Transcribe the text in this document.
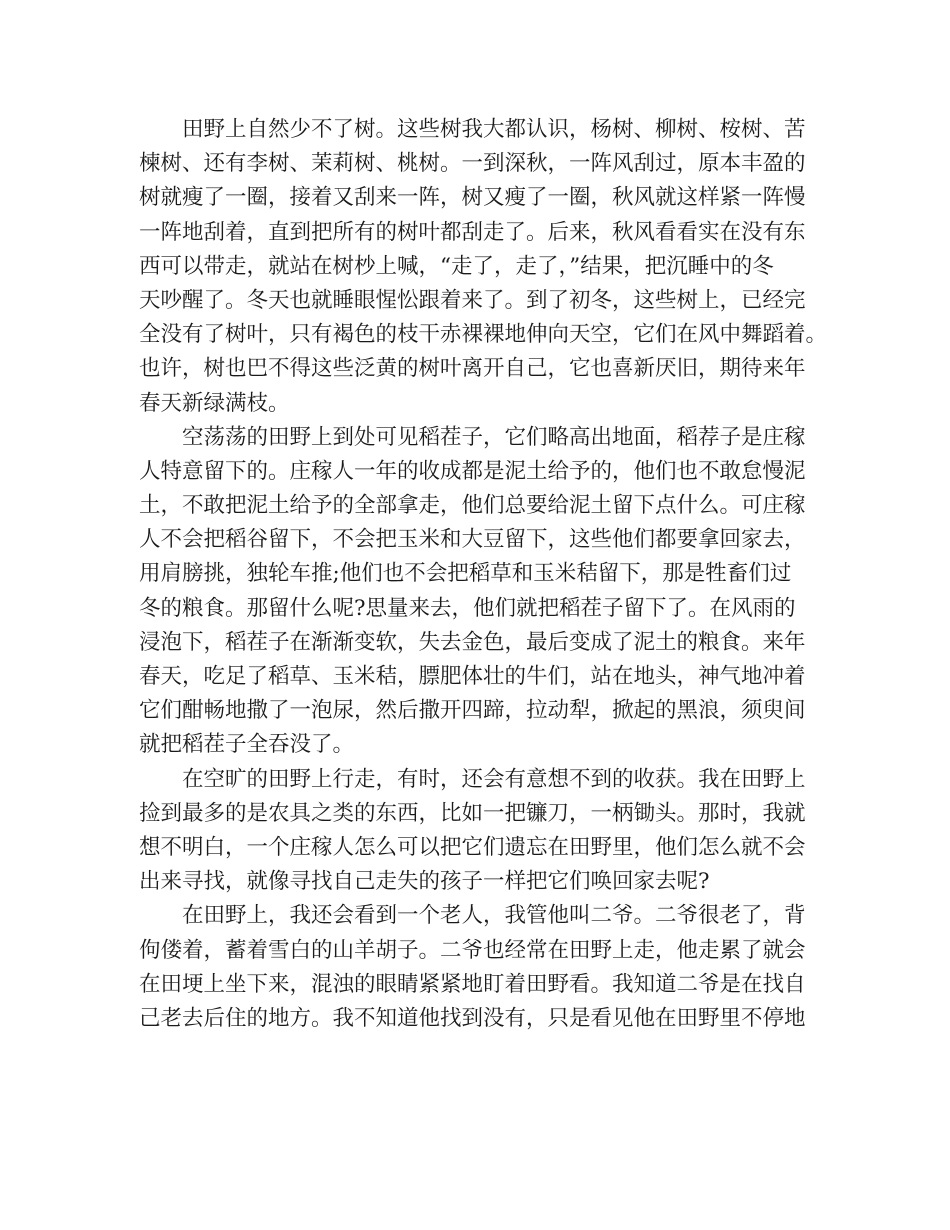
田野上自然少不了树。这些树我大都认识，杨树、柳树、桉树、苦
楝树、还有李树、茉莉树、桃树。一到深秋，一阵风刮过，原本丰盈的
树就瘦了一圈，接着又刮来一阵，树又瘦了一圈，秋风就这样紧一阵慢
一阵地刮着，直到把所有的树叶都刮走了。后来，秋风看看实在没有东
西可以带走，就站在树杪上喊，“走了，走了，”结果，把沉睡中的冬
天吵醒了。冬天也就睡眼惺忪跟着来了。到了初冬，这些树上，已经完
全没有了树叶，只有褐色的枝干赤裸裸地伸向天空，它们在风中舞蹈着。
也许，树也巴不得这些泛黄的树叶离开自己，它也喜新厌旧，期待来年
春天新绿满枝。
空荡荡的田野上到处可见稻茬子，它们略高出地面，稻荐子是庄稼
人特意留下的。庄稼人一年的收成都是泥土给予的，他们也不敢怠慢泥
土，不敢把泥土给予的全部拿走，他们总要给泥土留下点什么。可庄稼
人不会把稻谷留下，不会把玉米和大豆留下，这些他们都要拿回家去，
用肩膀挑，独轮车推;他们也不会把稻草和玉米秸留下，那是牲畜们过
冬的粮食。那留什么呢?思量来去，他们就把稻茬子留下了。在风雨的
浸泡下，稻茬子在渐渐变软，失去金色，最后变成了泥土的粮食。来年
春天，吃足了稻草、玉米秸，膘肥体壮的牛们，站在地头，神气地冲着
它们酣畅地撒了一泡尿，然后撒开四蹄，拉动犁，掀起的黑浪，须臾间
就把稻茬子全吞没了。
在空旷的田野上行走，有时，还会有意想不到的收获。我在田野上
捡到最多的是农具之类的东西，比如一把镰刀，一柄锄头。那时，我就
想不明白，一个庄稼人怎么可以把它们遗忘在田野里，他们怎么就不会
出来寻找，就像寻找自己走失的孩子一样把它们唤回家去呢?
在田野上，我还会看到一个老人，我管他叫二爷。二爷很老了，背
佝偻着，蓄着雪白的山羊胡子。二爷也经常在田野上走，他走累了就会
在田埂上坐下来，混浊的眼睛紧紧地盯着田野看。我知道二爷是在找自
己老去后住的地方。我不知道他找到没有，只是看见他在田野里不停地
